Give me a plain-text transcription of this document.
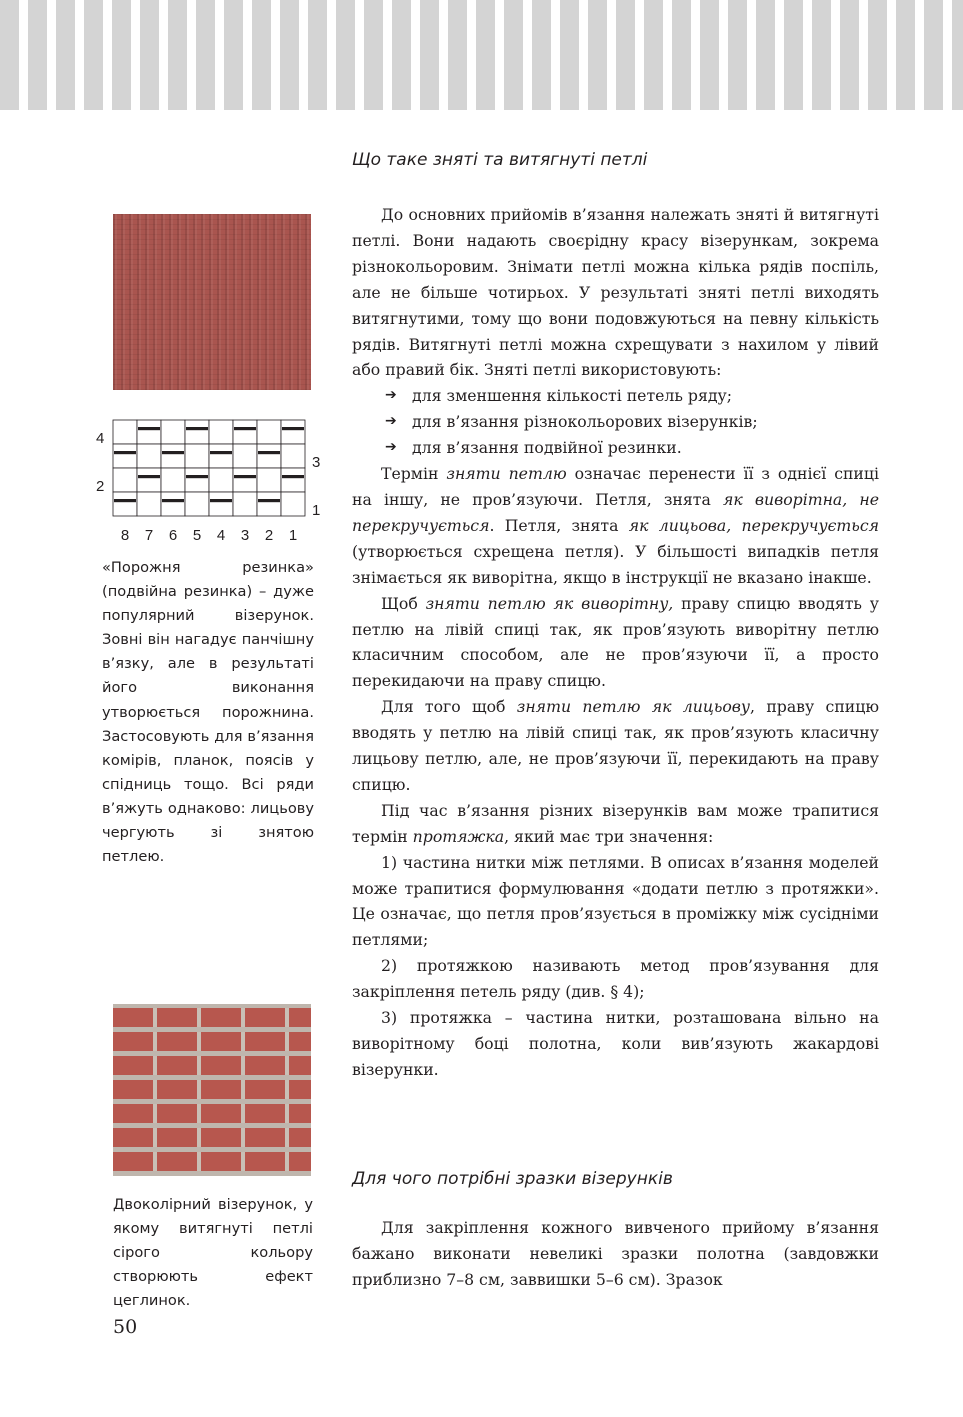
4
2
3
1
8 7 6 5 4 3 2 1

«Порожня резинка» (подвійна резинка) – дуже популярний візерунок. Зовні він нагадує панчішну в’язку, але в результаті його виконання утворюється порожнина. Застосовують для в’язання комірів, планок, поясів у спідниць тощо. Всі ряди в’яжуть однаково: лицьову чергують зі знятою петлею.

Двоколірний візерунок, у якому витягнуті петлі сірого кольору створюють ефект цеглинок.

50

Що таке зняті та витягнуті петлі

До основних прийомів в’язання належать зняті й витягнуті петлі. Вони надають своєрідну красу візерункам, зокрема різнокольоровим. Знімати петлі можна кілька рядів поспіль, але не більше чотирьох. У результаті зняті петлі виходять витягнутими, тому що вони подовжуються на певну кількість рядів. Витягнуті петлі можна схрещувати з нахилом у лівий або правий бік. Зняті петлі використовують:

➔ для зменшення кількості петель ряду;
➔ для в’язання різнокольорових візерунків;
➔ для в’язання подвійної резинки.

Термін зняти петлю означає перенести її з однієї спиці на іншу, не пров’язуючи. Петля, знята як виворітна, не перекручується. Петля, знята як лицьова, перекручується (утворюється схрещена петля). У більшості випадків петля знімається як виворітна, якщо в інструкції не вказано інакше.

Щоб зняти петлю як виворітну, праву спицю вводять у петлю на лівій спиці так, як пров’язують виворітну петлю класичним способом, але не пров’язуючи її, а просто перекидаючи на праву спицю.

Для того щоб зняти петлю як лицьову, праву спицю вводять у петлю на лівій спиці так, як пров’язують класичну лицьову петлю, але, не пров’язуючи її, перекидають на праву спицю.

Під час в’язання різних візерунків вам може трапитися термін протяжка, який має три значення:

1) частина нитки між петлями. В описах в’язання моделей може трапитися формулювання «додати петлю з протяжки». Це означає, що петля пров’язується в проміжку між сусідніми петлями;

2) протяжкою називають метод пров’язування для закріплення петель ряду (див. § 4);

3) протяжка – частина нитки, розташована вільно на виворітному боці полотна, коли вив’язують жакардові візерунки.

Для чого потрібні зразки візерунків

Для закріплення кожного вивченого прийому в’язання бажано виконати невеликі зразки полотна (завдовжки приблизно 7–8 см, заввишки 5–6 см). Зразок
